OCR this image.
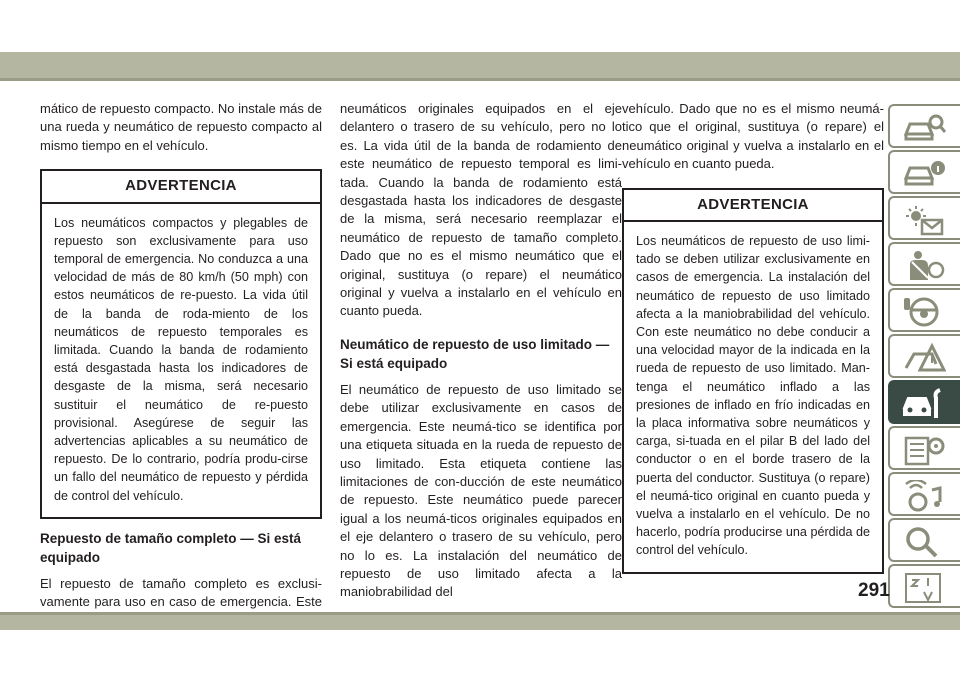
mático de repuesto compacto. No instale más de una rueda y neumático de repuesto compacto al mismo tiempo en el vehículo.

ADVERTENCIA
Los neumáticos compactos y plegables de repuesto son exclusivamente para uso temporal de emergencia. No conduzca a una velocidad de más de 80 km/h (50 mph) con estos neumáticos de re-puesto. La vida útil de la banda de roda-miento de los neumáticos de repuesto temporales es limitada. Cuando la banda de rodamiento está desgastada hasta los indicadores de desgaste de la misma, será necesario sustituir el neumático de re-puesto provisional. Asegúrese de seguir las advertencias aplicables a su neumático de repuesto. De lo contrario, podría produ-cirse un fallo del neumático de repuesto y pérdida de control del vehículo.
Repuesto de tamaño completo — Si está equipado

El repuesto de tamaño completo es exclusi-vamente para uso en caso de emergencia. Este

neumáticos originales equipados en el eje delantero o trasero de su vehículo, pero no lo es. La vida útil de la banda de rodamiento de este neumático de repuesto temporal es limi-tada. Cuando la banda de rodamiento está desgastada hasta los indicadores de desgaste de la misma, será necesario reemplazar el neumático de repuesto de tamaño completo. Dado que no es el mismo neumático que el original, sustituya (o repare) el neumático original y vuelva a instalarlo en el vehículo en cuanto pueda.

Neumático de repuesto de uso limitado — Si está equipado

El neumático de repuesto de uso limitado se debe utilizar exclusivamente en casos de emergencia. Este neumá-tico se identifica por una etiqueta situada en la rueda de repuesto de uso limitado. Esta etiqueta contiene las limitaciones de con-ducción de este neumático de repuesto. Este neumático puede parecer igual a los neumá-ticos originales equipados en el eje delantero o trasero de su vehículo, pero no lo es. La instalación del neumático de repuesto de uso limitado afecta a la maniobrabilidad del

vehículo. Dado que no es el mismo neumá-tico que el original, sustituya (o repare) el neumático original y vuelva a instalarlo en el vehículo en cuanto pueda.

ADVERTENCIA
Los neumáticos de repuesto de uso limi-tado se deben utilizar exclusivamente en casos de emergencia. La instalación del neumático de repuesto de uso limitado afecta a la maniobrabilidad del vehículo. Con este neumático no debe conducir a una velocidad mayor de la indicada en la rueda de repuesto de uso limitado. Man-tenga el neumático inflado a las presiones de inflado en frío indicadas en la placa informativa sobre neumáticos y carga, si-tuada en el pilar B del lado del conductor o en el borde trasero de la puerta del conductor. Sustituya (o repare) el neumá-tico original en cuanto pueda y vuelva a instalarlo en el vehículo. De no hacerlo, podría producirse una pérdida de control del vehículo.
291
